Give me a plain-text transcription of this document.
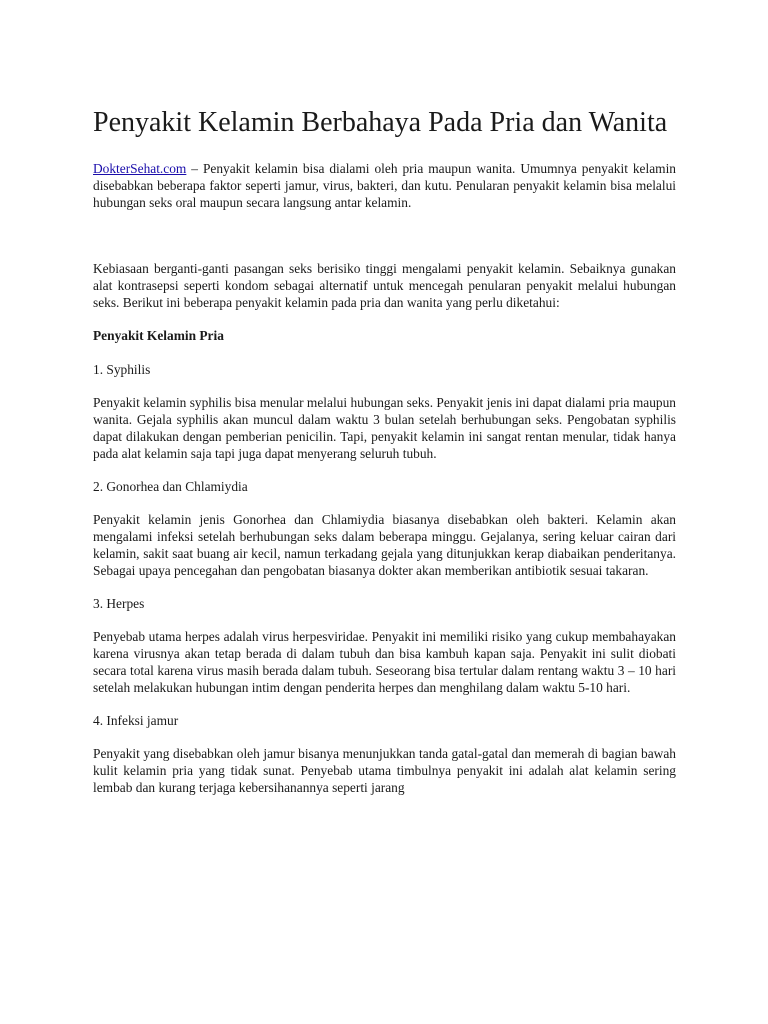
Penyakit Kelamin Berbahaya Pada Pria dan Wanita

DokterSehat.com – Penyakit kelamin bisa dialami oleh pria maupun wanita. Umumnya penyakit kelamin disebabkan beberapa faktor seperti jamur, virus, bakteri, dan kutu. Penularan penyakit kelamin bisa melalui hubungan seks oral maupun secara langsung antar kelamin.

Kebiasaan berganti-ganti pasangan seks berisiko tinggi mengalami penyakit kelamin. Sebaiknya gunakan alat kontrasepsi seperti kondom sebagai alternatif untuk mencegah penularan penyakit melalui hubungan seks. Berikut ini beberapa penyakit kelamin pada pria dan wanita yang perlu diketahui:

Penyakit Kelamin Pria

1. Syphilis

Penyakit kelamin syphilis bisa menular melalui hubungan seks. Penyakit jenis ini dapat dialami pria maupun wanita. Gejala syphilis akan muncul dalam waktu 3 bulan setelah berhubungan seks. Pengobatan syphilis dapat dilakukan dengan pemberian penicilin. Tapi, penyakit kelamin ini sangat rentan menular, tidak hanya pada alat kelamin saja tapi juga dapat menyerang seluruh tubuh.

2. Gonorhea dan Chlamiydia

Penyakit kelamin jenis Gonorhea dan Chlamiydia biasanya disebabkan oleh bakteri. Kelamin akan mengalami infeksi setelah berhubungan seks dalam beberapa minggu. Gejalanya, sering keluar cairan dari kelamin, sakit saat buang air kecil, namun terkadang gejala yang ditunjukkan kerap diabaikan penderitanya. Sebagai upaya pencegahan dan pengobatan biasanya dokter akan memberikan antibiotik sesuai takaran.

3. Herpes

Penyebab utama herpes adalah virus herpesviridae. Penyakit ini memiliki risiko yang cukup membahayakan karena virusnya akan tetap berada di dalam tubuh dan bisa kambuh kapan saja. Penyakit ini sulit diobati secara total karena virus masih berada dalam tubuh. Seseorang bisa tertular dalam rentang waktu 3 – 10 hari setelah melakukan hubungan intim dengan penderita herpes dan menghilang dalam waktu 5-10 hari.

4. Infeksi jamur

Penyakit yang disebabkan oleh jamur bisanya menunjukkan tanda gatal-gatal dan memerah di bagian bawah kulit kelamin pria yang tidak sunat. Penyebab utama timbulnya penyakit ini adalah alat kelamin sering lembab dan kurang terjaga kebersihanannya seperti jarang
